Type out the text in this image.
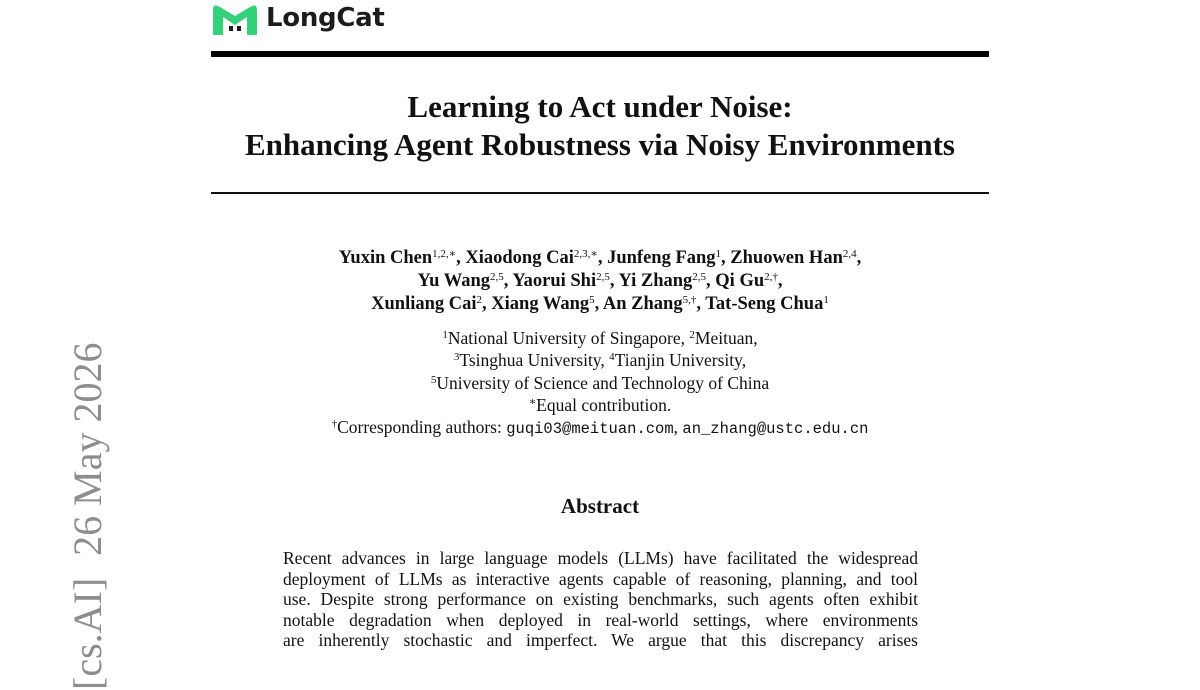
LongCat
Learning to Act under Noise:
Enhancing Agent Robustness via Noisy Environments
Yuxin Chen$^{1,2,∗}$, Xiaodong Cai$^{2,3,∗}$, Junfeng Fang$^1$, Zhuowen Han$^{2,4}$,
Yu Wang$^{2,5}$, Yaorui Shi$^{2,5}$, Yi Zhang$^{2,5}$, Qi $Gu^{2,\dagger}$,
Xunliang Cai$^2$, Xiang Wang$^5$, An Zhang$^{5,\dagger}$, Tat-Seng Chua$^1$
$^1$National University of Singapore, $^2$Meituan,
$^3$Tsinghua University, $^4$Tianjin University,
$^5$University of Science and Technology of China
∗Equal contribution.
†Corresponding authors: guqi03@meituan.com, an_zhang@ustc.edu.cn
Abstract
Recent advances in large language models (LLMs) have facilitated the widespread
deployment of LLMs as interactive agents capable of reasoning, planning, and tool
use. Despite strong performance on existing benchmarks, such agents often exhibit
notable degradation when deployed in real-world settings, where environments
are inherently stochastic and imperfect. We argue that this discrepancy arises
[cs.AI]26 May 2026
